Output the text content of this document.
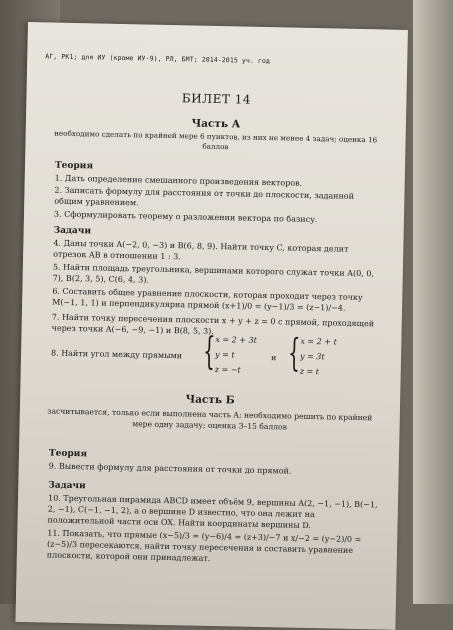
АГ, РК1; для ИУ (кроме ИУ-9), РЛ, БМТ; 2014-2015 уч. год
БИЛЕТ 14
Часть А
необходимо сделать по крайней мере 6 пунктов, из них не менее 4 задач; оценка 16 баллов
Теория
1. Дать определение смешанного произведения векторов.
2. Записать формулу для расстояния от точки до плоскости, заданной общим уравнением.
3. Сформулировать теорему о разложении вектора по базису.
Задачи
4. Даны точки A(−2, 0, −3) и B(6, 8, 9). Найти точку C, которая делит отрезок AB в отношении 1 : 3.
5. Найти площадь треугольника, вершинами которого служат точки A(0, 0, 7), B(2, 3, 5), C(6, 4, 3).
6. Составить общее уравнение плоскости, которая проходит через точку M(−1, 1, 1) и перпендикулярна прямой (x+1)/0 = (y−1)/3 = (z−1)/−4.
7. Найти точку пересечения плоскости x + y + z = 0 с прямой, проходящей через точки A(−6, −9, −1) и B(8, 5, 3).
8. Найти угол между прямыми { x = 2 + 3t
y = t
z = −t
и { x = 2 + t
y = 3t
z = t
Часть Б
засчитывается, только если выполнена часть А; необходимо решить по крайней мере одну задачу; оценка 3–15 баллов
Теория
9. Вывести формулу для расстояния от точки до прямой.
Задачи
10. Треугольная пирамида ABCD имеет объём 9, вершины A(2, −1, −1), B(−1, 2, −1), C(−1, −1, 2), а о вершине D известно, что она лежит на положительной части оси OX. Найти координаты вершины D.
11. Показать, что прямые (x−5)/3 = (y−6)/4 = (z+3)/−7 и x/−2 = (y−2)/0 = (z−5)/3 пересекаются, найти точку пересечения и составить уравнение плоскости, которой они принадлежат.
